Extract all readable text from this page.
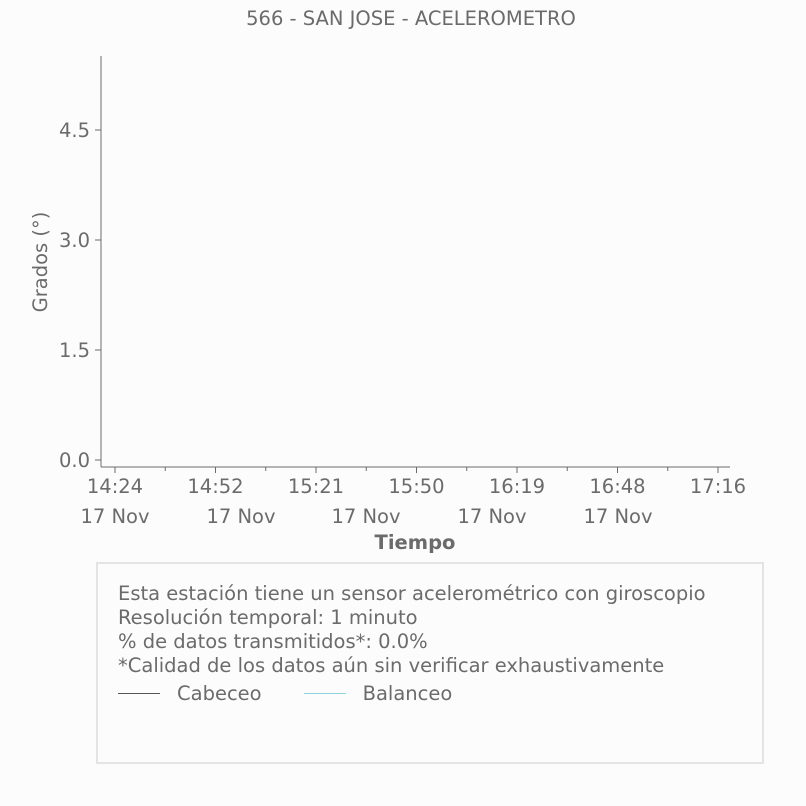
566 - SAN JOSE - ACELEROMETRO
Grados (°)
Tiempo
0.0
1.5
3.0
4.5
14:24 14:52 15:21 15:50 16:19 16:48 17:16
17 Nov	17 Nov	17 Nov	17 Nov	17 Nov
Esta estación tiene un sensor acelerométrico con giroscopio
Resolución temporal: 1 minuto
% de datos transmitidos*: 0.0%
*Calidad de los datos aún sin verificar exhaustivamente
Cabeceo	Balanceo
